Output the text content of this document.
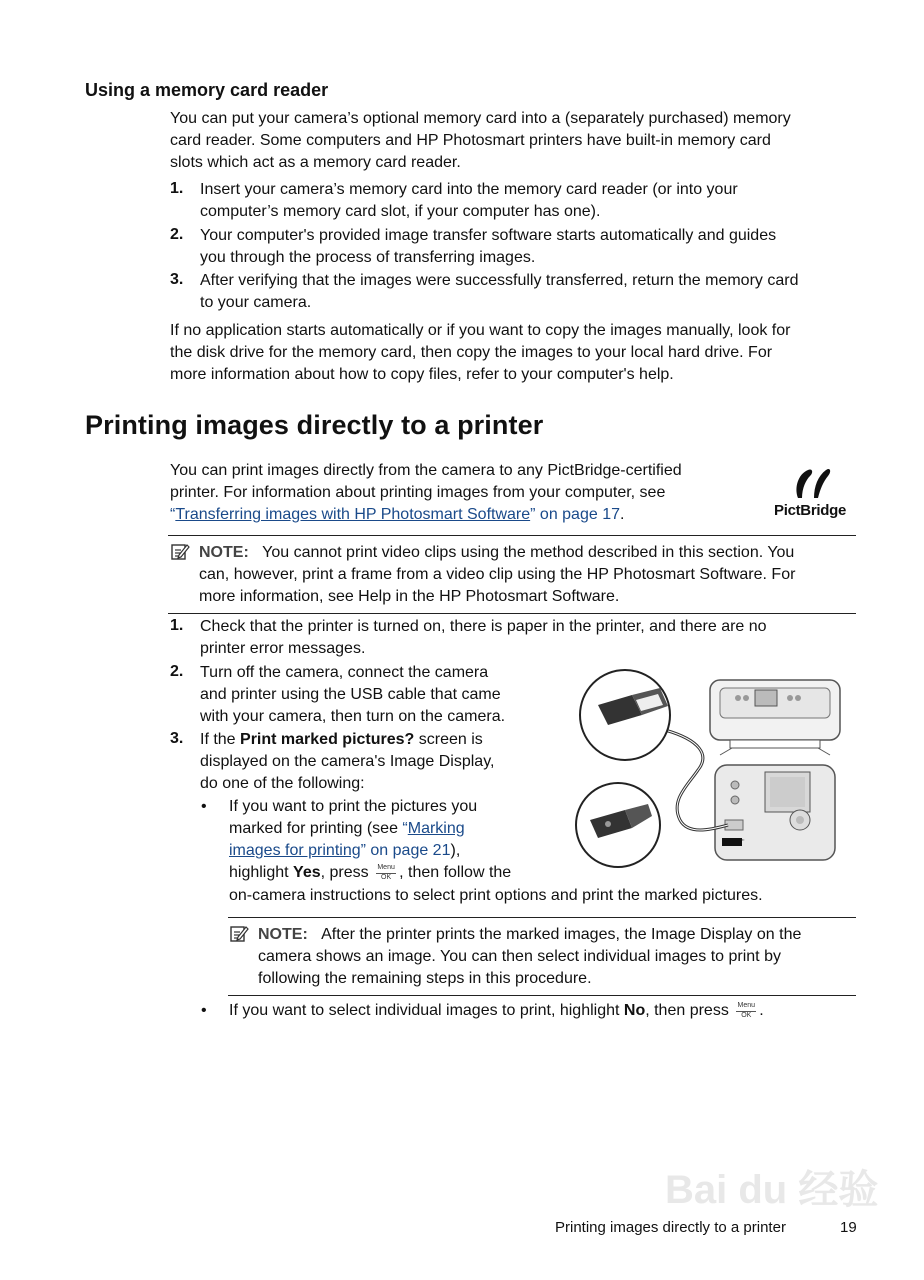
Using a memory card reader
You can put your camera’s optional memory card into a (separately purchased) memory
card reader. Some computers and HP Photosmart printers have built-in memory card
slots which act as a memory card reader.
1. Insert your camera’s memory card into the memory card reader (or into your
computer’s memory card slot, if your computer has one).
2. Your computer's provided image transfer software starts automatically and guides
you through the process of transferring images.
3. After verifying that the images were successfully transferred, return the memory card
to your camera.
If no application starts automatically or if you want to copy the images manually, look for
the disk drive for the memory card, then copy the images to your local hard drive. For
more information about how to copy files, refer to your computer's help.
Printing images directly to a printer
You can print images directly from the camera to any PictBridge-certified
printer. For information about printing images from your computer, see
“Transferring images with HP Photosmart Software” on page 17.	PictBridge
NOTE: You cannot print video clips using the method described in this section. You
can, however, print a frame from a video clip using the HP Photosmart Software. For
more information, see Help in the HP Photosmart Software.
1. Check that the printer is turned on, there is paper in the printer, and there are no
printer error messages.
2. Turn off the camera, connect the camera
and printer using the USB cable that came
with your camera, then turn on the camera.
3. If the Print marked pictures? screen is
displayed on the camera's Image Display,
do one of the following:
• If you want to print the pictures you
marked for printing (see “Marking
images for printing” on page 21),
highlight Yes, press Menu
OK , then follow the
on-camera instructions to select print options and print the marked pictures.
NOTE: After the printer prints the marked images, the Image Display on the
camera shows an image. You can then select individual images to print by
following the remaining steps in this procedure.
• If you want to select individual images to print, highlight No, then press Menu
OK .
Bai du 经验
Printing images directly to a printer	19
